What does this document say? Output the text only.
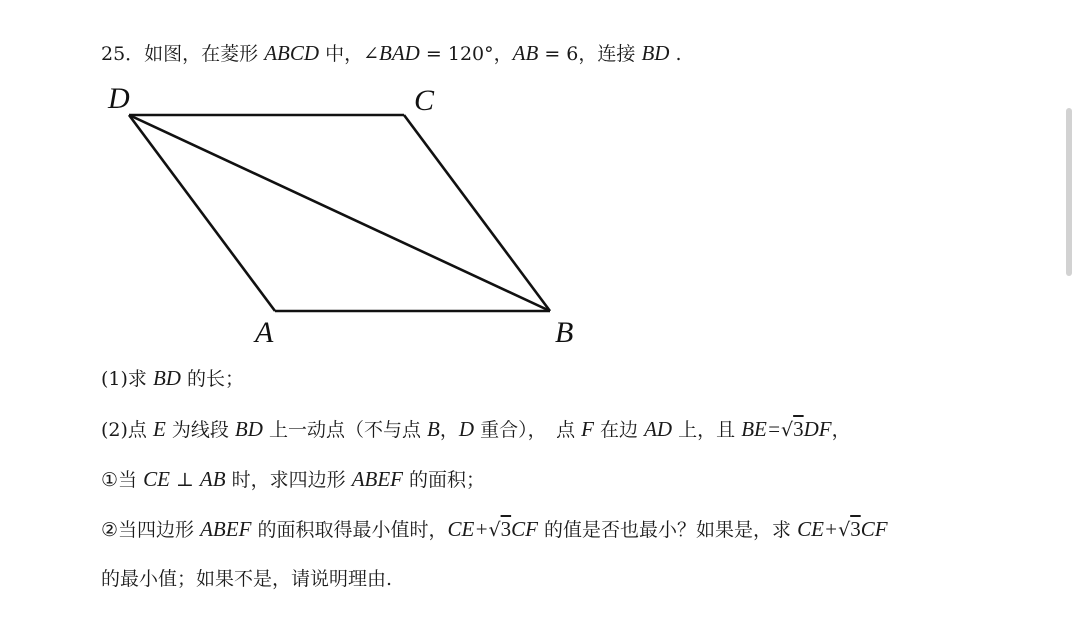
25．如图，在菱形 ABCD 中，∠BAD = 120°，AB = 6，连接 BD .
D	C
A	B
(1)求 BD 的长；
(2)点 E 为线段 BD 上一动点（不与点 B，D 重合），　点 F 在边 AD 上，且 BE=√3DF，
①当 CE ⊥ AB 时，求四边形 ABEF 的面积；
②当四边形 ABEF 的面积取得最小值时，CE+√3CF 的值是否也最小？如果是，求 CE+√3CF
的最小值；如果不是，请说明理由.
